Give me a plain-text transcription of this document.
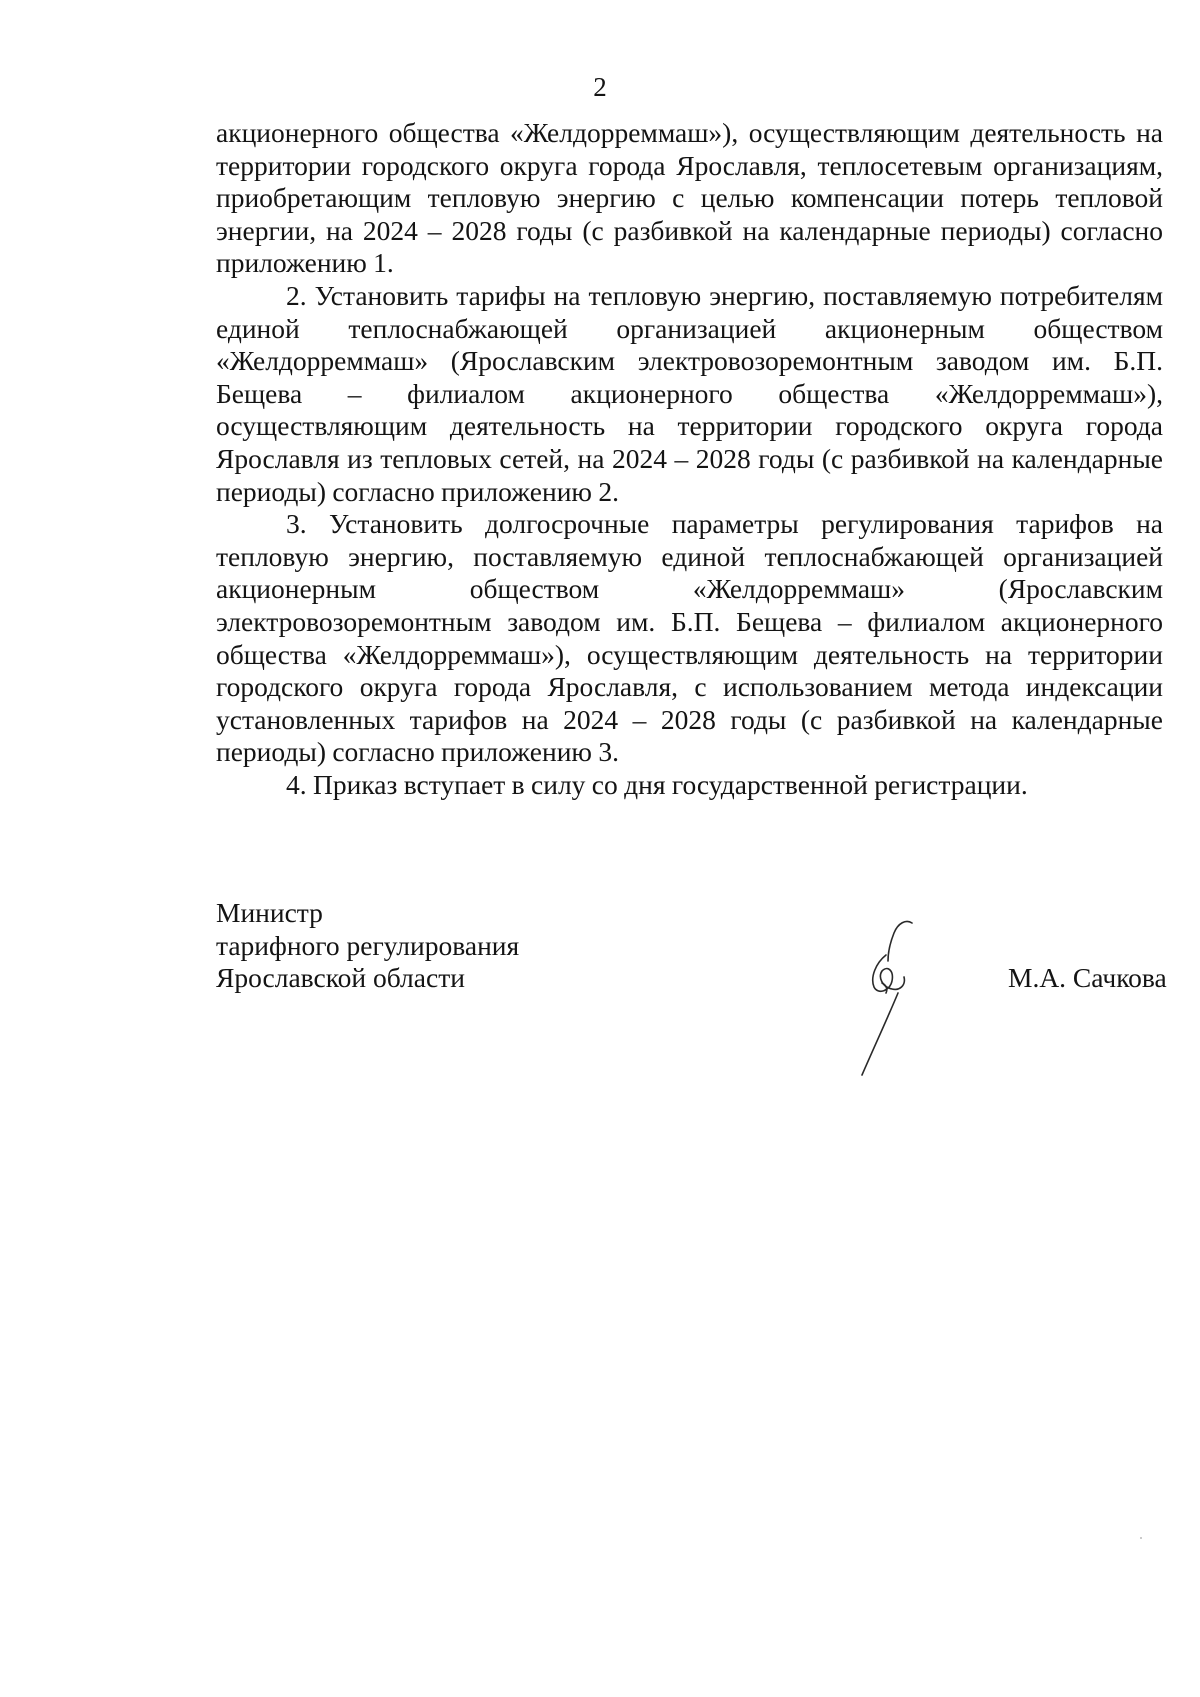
2

акционерного общества «Желдорреммаш»), осуществляющим деятельность на территории городского округа города Ярославля, теплосетевым организациям, приобретающим тепловую энергию с целью компенсации потерь тепловой энергии, на 2024 – 2028 годы (с разбивкой на календарные периоды) согласно приложению 1.

2. Установить тарифы на тепловую энергию, поставляемую потребителям единой теплоснабжающей организацией акционерным обществом «Желдорреммаш» (Ярославским электровозоремонтным заводом им. Б.П. Бещева – филиалом акционерного общества «Желдорреммаш»), осуществляющим деятельность на территории городского округа города Ярославля из тепловых сетей, на 2024 – 2028 годы (с разбивкой на календарные периоды) согласно приложению 2.

3. Установить долгосрочные параметры регулирования тарифов на тепловую энергию, поставляемую единой теплоснабжающей организацией акционерным обществом «Желдорреммаш» (Ярославским электровозоремонтным заводом им. Б.П. Бещева – филиалом акционерного общества «Желдорреммаш»), осуществляющим деятельность на территории городского округа города Ярославля, с использованием метода индексации установленных тарифов на 2024 – 2028 годы (с разбивкой на календарные периоды) согласно приложению 3.

4. Приказ вступает в силу со дня государственной регистрации.

Министр
тарифного регулирования
Ярославской области	М.А. Сачкова
